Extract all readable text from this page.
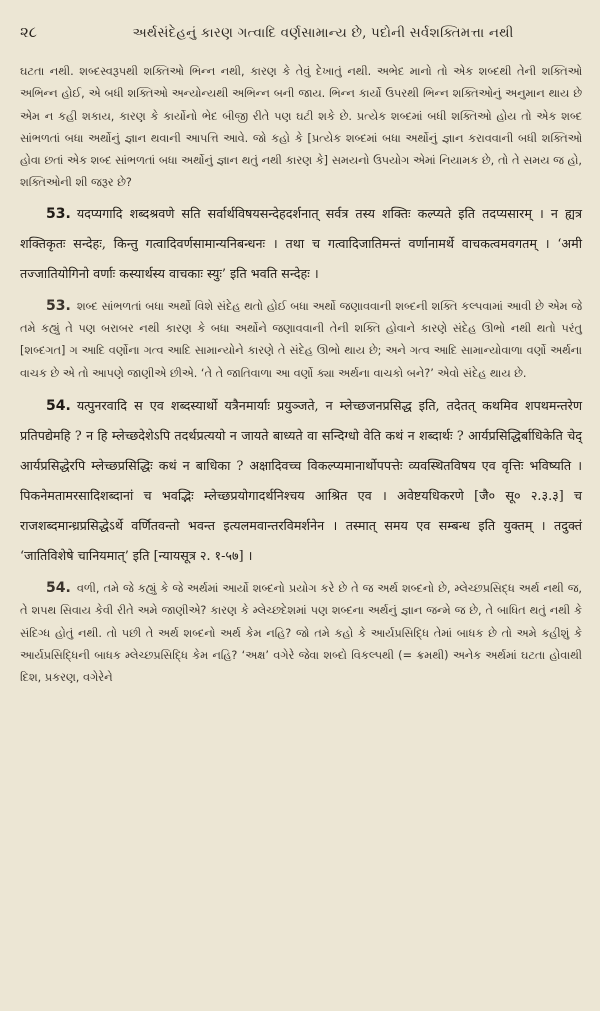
૨૮	અર્થસંદેહનું કારણ ગત્વાદિ વર્ણસામાન્ય છે, પદોની સર્વશક્તિમત્તા નથી

ઘટતા નથી. શબ્દસ્વરૂપથી શક્તિઓ ભિન્ન નથી, કારણ કે તેવું દેખાતું નથી. અભેદ માનો તો એક શબ્દથી તેની શક્તિઓ અભિન્ન હોઈ, એ બધી શક્તિઓ અન્યોન્યથી અભિન્ન બની જાય. ભિન્ન કાર્યો ઉપરથી ભિન્ન શક્તિઓનું અનુમાન થાય છે એમ ન કહી શકાય, કારણ કે કાર્યોનો ભેદ બીજી રીતે પણ ઘટી શકે છે. પ્રત્યેક શબ્દમાં બધી શક્તિઓ હોય તો એક શબ્દ સાંભળતાં બધા અર્થોનું જ્ઞાન થવાની આપત્તિ આવે. જો કહો કે [પ્રત્યેક શબ્દમાં બધા અર્થોનું જ્ઞાન કરાવવાની બધી શક્તિઓ હોવા છતાં એક શબ્દ સાંભળતાં બધા અર્થોનું જ્ઞાન થતું નથી કારણ કે] સમયનો ઉપયોગ એમાં નિયામક છે, તો તે સમય જ હો, શક્તિઓની શી જરૂર છે?

53. यदप्यगादि शब्दश्रवणे सति सर्वार्थविषयसन्देहदर्शनात् सर्वत्र तस्य शक्तिः कल्प्यते इति तदप्यसारम् । न ह्यत्र शक्तिकृतः सन्देहः, किन्तु गत्वादिवर्णसामान्यनिबन्धनः । तथा च गत्वादिजातिमन्तं वर्णानामर्थे वाचकत्वमवगतम् । ‘अमी तज्जातियोगिनो वर्णाः कस्यार्थस्य वाचकाः स्युः’ इति भवति सन्देहः ।

53. શબ્દ સાંભળતાં બધા અર્થો વિશે સંદેહ થતો હોઈ બધા અર્થો જણાવવાની શબ્દની શક્તિ કલ્પવામાં આવી છે એમ જે તમે કહ્યું તે પણ બરાબર નથી કારણ કે બધા અર્થોને જણાવવાની તેની શક્તિ હોવાને કારણે સંદેહ ઊભો નથી થતો પરંતુ [શબ્દગત] ગ આદિ વર્ણોના ગત્વ આદિ સામાન્યોને કારણે તે સંદેહ ઊભો થાય છે; અને ગત્વ આદિ સામાન્યોવાળા વર્ણો અર્થના વાચક છે એ તો આપણે જાણીએ છીએ. ‘તે તે જાતિવાળા આ વર્ણો ક્યા અર્થના વાચકો બને?’ એવો સંદેહ થાય છે.

54. यत्पुनरवादि स एव शब्दस्यार्थो यत्रैनमार्याः प्रयुञ्जते, न म्लेच्छजनप्रसिद्ध इति, तदेतत् कथमिव शपथमन्तरेण प्रतिपद्येमहि ? न हि म्लेच्छदेशेऽपि तदर्थप्रत्ययो न जायते बाध्यते वा सन्दिग्धो वेति कथं न शब्दार्थः ? आर्यप्रसिद्धिर्बाधिकेति चेद् आर्यप्रसिद्धेरपि म्लेच्छप्रसिद्धिः कथं न बाधिका ? अक्षादिवच्च विकल्प्यमानार्थोपपत्तेः व्यवस्थितविषय एव वृत्तिः भविष्यति । पिकनेमतामरसादिशब्दानां च भवद्भिः म्लेच्छप्रयोगादर्थनिश्चय आश्रित एव । अवेष्टयधिकरणे [जै० सू० २.३.३] च राजशब्दमान्ध्रप्रसिद्धेऽर्थे वर्णितवन्तो भवन्त इत्यलमवान्तरविमर्शनेन । तस्मात् समय एव सम्बन्ध इति युक्तम् । तदुक्तं ‘जातिविशेषे चानियमात्’ इति [न्यायसूत्र २. १-५७] ।

54. વળી, તમે જે કહ્યું કે જે અર્થમાં આર્યો શબ્દનો પ્રયોગ કરે છે તે જ અર્થ શબ્દનો છે, મ્લેચ્છપ્રસિદ્ધ અર્થ નથી જ, તે શપથ સિવાય કેવી રીતે અમે જાણીએ? કારણ કે મ્લેચ્છદેશમાં પણ શબ્દના અર્થનું જ્ઞાન જન્મે જ છે, તે બાધિત થતું નથી કે સંદિગ્ધ હોતું નથી. તો પછી તે અર્થ શબ્દનો અર્થ કેમ નહિ? જો તમે કહો કે આર્યપ્રસિદ્ધિ તેમાં બાધક છે તો અમે કહીશું કે આર્યપ્રસિદ્ધિની બાધક મ્લેચ્છપ્રસિદ્ધિ કેમ નહિ? ‘અક્ષ’ વગેરે જેવા શબ્દો વિકલ્પથી (= ક્રમથી) અનેક અર્થમાં ઘટતા હોવાથી દિશ, પ્રકરણ, વગેરેને
